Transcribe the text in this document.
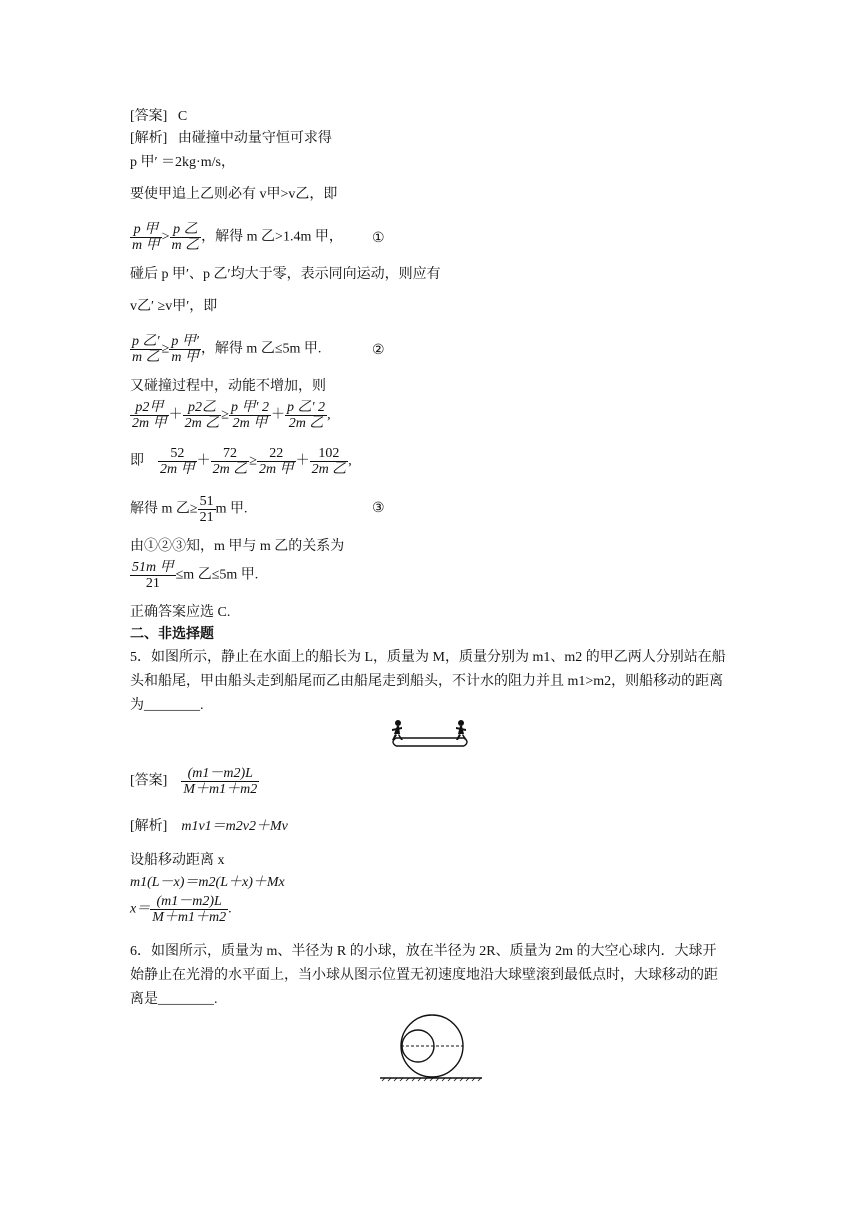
[答案] C
[解析] 由碰撞中动量守恒可求得
p 甲′ ＝2kg·m/s，
要使甲追上乙则必有 v甲>v乙，即
$\frac{\text{p 甲}}{\text{m 甲}} > \frac{\text{p 乙}}{\text{m 乙}}$ ，解得 m 乙>1.4m 甲， ①
碰后 p 甲′、p 乙′均大于零，表示同向运动，则应有
v乙′ ≥v甲′，即
$\frac{\text{p 乙′}}{\text{m 乙}} \ge \frac{\text{p 甲′}}{\text{m 甲}}$ ，解得 m 乙≤5m 甲.	②
又碰撞过程中，动能不增加，则
$\frac{\text{p2甲}}{\text{2m 甲}} + \frac{\text{p2乙}}{\text{2m 乙}} \ge \frac{\text{p 甲′ 2}}{\text{2m 甲}} + \frac{\text{p 乙′ 2}}{\text{2m 乙}}$ ,
即 $\frac{52}{\text{2m 甲}} + \frac{72}{\text{2m 乙}} \ge \frac{22}{\text{2m 甲}} + \frac{102}{\text{2m 乙}}$ ,
解得 m 乙≥ $\frac{51}{21}$ m 甲.	③
由①②③知，m 甲与 m 乙的关系为
$\frac{\text{51m 甲}}{21} \le m$ 乙≤5m 甲.
正确答案应选 C.
二、非选择题
5．如图所示，静止在水面上的船长为 L，质量为 M，质量分别为 m1、m2 的甲乙两人分别站在船头和船尾，甲由船头走到船尾而乙由船尾走到船头，不计水的阻力并且 m1>m2，则船移动的距离为________.
[答案] $\frac{(m1-m2)L}{M+m1+m2}$
[解析] m1v1＝m2v2＋Mv
设船移动距离 x
m1(L－x)＝m2(L＋x)＋Mx
$x= \frac{(m1-m2)L}{M+m1+m2}$ .
6．如图所示，质量为 m、半径为 R 的小球，放在半径为 2R、质量为 2m 的大空心球内．大球开始静止在光滑的水平面上，当小球从图示位置无初速度地沿大球壁滚到最低点时，大球移动的距离是________.
